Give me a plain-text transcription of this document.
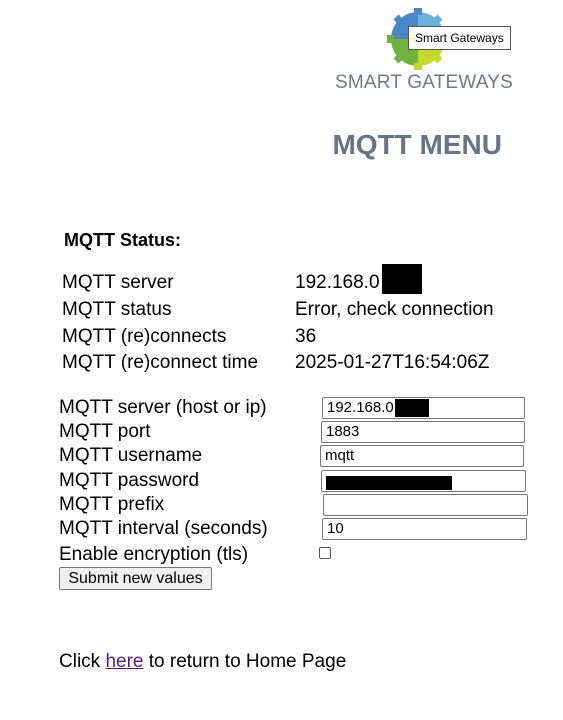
SMART GATEWAYS
Smart Gateways
MQTT MENU
MQTT Status:
MQTT server	192.168.0
MQTT status	Error, check connection
MQTT (re)connects	36
MQTT (re)connect time 2025-01-27T16:54:06Z
MQTT server (host or ip)	192.168.0
MQTT port	1883
MQTT username	mqtt
MQTT password
MQTT prefix
MQTT interval (seconds)	10
Enable encryption (tls)
Submit new values
Click here to return to Home Page
